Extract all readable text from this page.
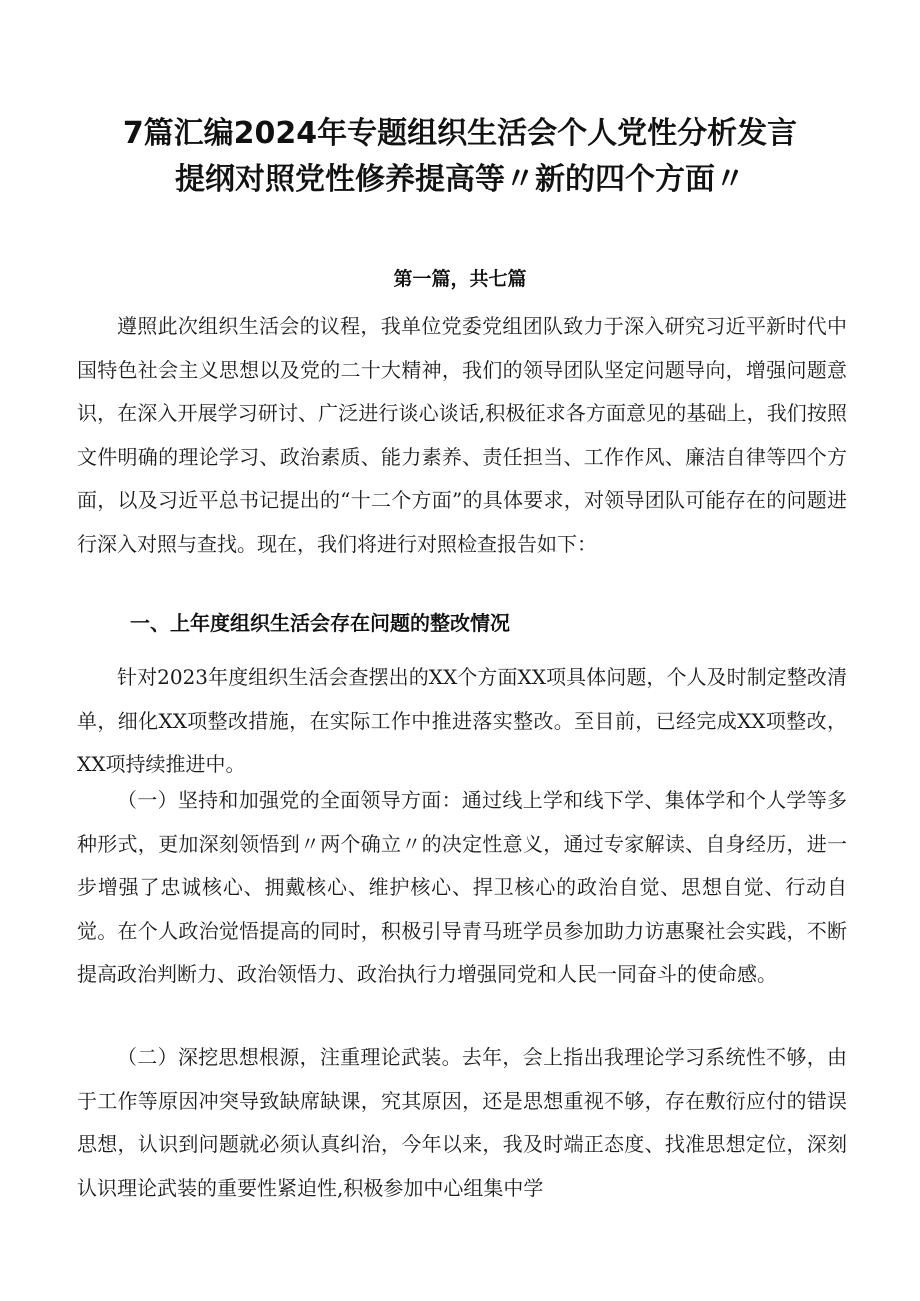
7篇汇编2024年专题组织生活会个人党性分析发言
提纲对照党性修养提高等〃新的四个方面〃
第一篇，共七篇

遵照此次组织生活会的议程，我单位党委党组团队致力于深入研究习近平新时代中国特色社会主义思想以及党的二十大精神，我们的领导团队坚定问题导向，增强问题意识，在深入开展学习研讨、广泛进行谈心谈话,积极征求各方面意见的基础上，我们按照文件明确的理论学习、政治素质、能力素养、责任担当、工作作风、廉洁自律等四个方面，以及习近平总书记提出的“十二个方面”的具体要求，对领导团队可能存在的问题进行深入对照与查找。现在，我们将进行对照检查报告如下：

一、上年度组织生活会存在问题的整改情况

针对2023年度组织生活会查摆出的XX个方面XX项具体问题，个人及时制定整改清单，细化XX项整改措施，在实际工作中推进落实整改。至目前，已经完成XX项整改，XX项持续推进中。

（一）坚持和加强党的全面领导方面：通过线上学和线下学、集体学和个人学等多种形式，更加深刻领悟到〃两个确立〃的决定性意义，通过专家解读、自身经历，进一步增强了忠诚核心、拥戴核心、维护核心、捍卫核心的政治自觉、思想自觉、行动自觉。在个人政治觉悟提高的同时，积极引导青马班学员参加助力访惠聚社会实践，不断提高政治判断力、政治领悟力、政治执行力增强同党和人民一同奋斗的使命感。

（二）深挖思想根源，注重理论武装。去年，会上指出我理论学习系统性不够，由于工作等原因冲突导致缺席缺课，究其原因，还是思想重视不够，存在敷衍应付的错误思想，认识到问题就必须认真纠治，今年以来，我及时端正态度、找准思想定位，深刻认识理论武装的重要性紧迫性,积极参加中心组集中学
